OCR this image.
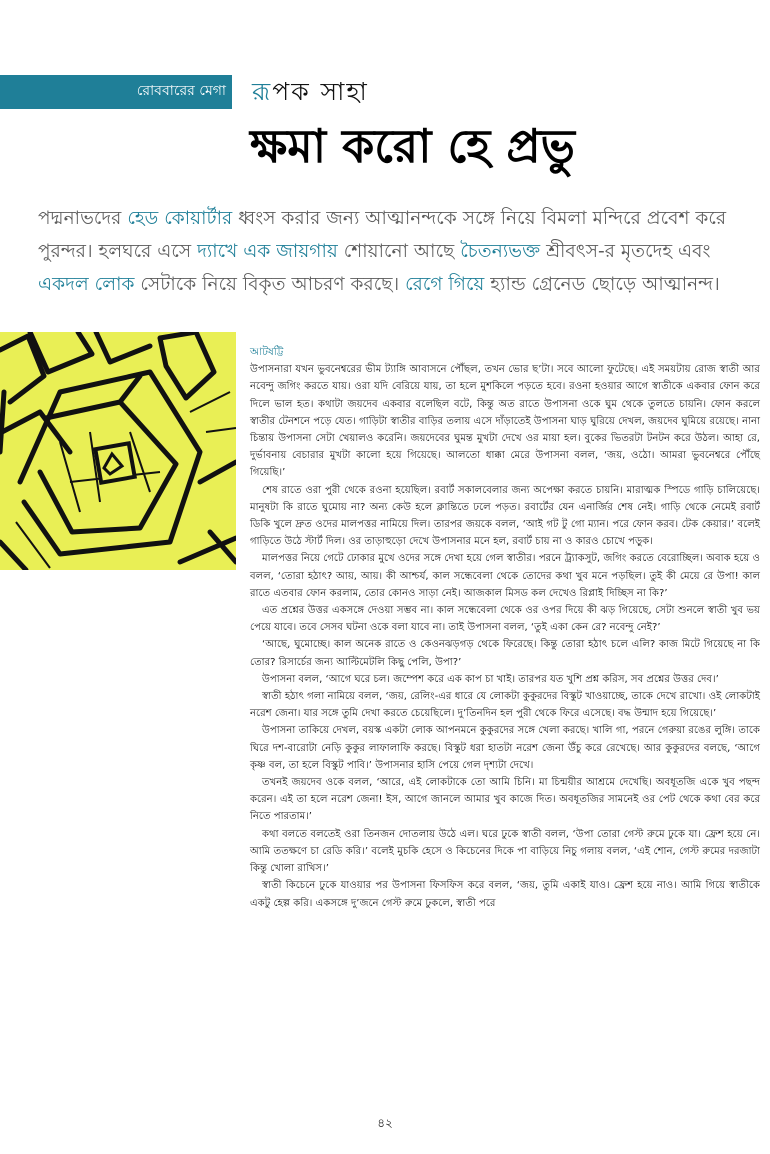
রোববারের মেগা রূপক সাহা
ক্ষমা করো হে প্রভু
পদ্মনাভদের হেড কোয়ার্টার ধ্বংস করার জন্য আত্মানন্দকে সঙ্গে নিয়ে বিমলা মন্দিরে প্রবেশ করে পুরন্দর। হলঘরে এসে দ্যাখে এক জায়গায় শোয়ানো আছে চৈতন্যভক্ত শ্রীবৎস-র মৃতদেহ এবং একদল লোক সেটাকে নিয়ে বিকৃত আচরণ করছে। রেগে গিয়ে হ্যান্ড গ্রেনেড ছোড়ে আত্মানন্দ।
আটষট্টি

উপাসনারা যখন ভুবনেশ্বরের ভীম ট্যাঙ্গি আবাসনে পৌঁছল, তখন ভোর ছ’টা। সবে আলো ফুটেছে। এই সময়টায় রোজ স্বাতী আর নবেন্দু জগিং করতে যায়। ওরা যদি বেরিয়ে যায়, তা হলে মুশকিলে পড়তে হবে। রওনা হওয়ার আগে স্বাতীকে একবার ফোন করে দিলে ভাল হত। কথাটা জয়দেব একবার বলেছিল বটে, কিন্তু অত রাতে উপাসনা ওকে ঘুম থেকে তুলতে চায়নি। ফোন করলে স্বাতীর টেনশনে পড়ে যেত। গাড়িটা স্বাতীর বাড়ির তলায় এসে দাঁড়াতেই উপাসনা ঘাড় ঘুরিয়ে দেখল, জয়দেব ঘুমিয়ে রয়েছে। নানা চিন্তায় উপাসনা সেটা খেয়ালও করেনি। জয়দেবের ঘুমন্ত মুখটা দেখে ওর মায়া হল। বুকের ভিতরটা টনটন করে উঠল। আহা রে, দুর্ভাবনায় বেচারার মুখটা কালো হয়ে গিয়েছে। আলতো ধাক্কা মেরে উপাসনা বলল, ‘জয়, ওঠো। আমরা ভুবনেশ্বরে পৌঁছে গিয়েছি।’

শেষ রাতে ওরা পুরী থেকে রওনা হয়েছিল। রবার্ট সকালবেলার জন্য অপেক্ষা করতে চায়নি। মারাত্মক স্পিডে গাড়ি চালিয়েছে। মানুষটা কি রাতে ঘুমোয় না? অন্য কেউ হলে ক্লান্তিতে ঢলে পড়ত। রবার্টের যেন এনার্জির শেষ নেই। গাড়ি থেকে নেমেই রবার্ট ডিকি খুলে দ্রুত ওদের মালপত্তর নামিয়ে দিল। তারপর জয়কে বলল, ‘আই গট টু গো ম্যান। পরে ফোন করব। টেক কেয়ার।’ বলেই গাড়িতে উঠে স্টার্ট দিল। ওর তাড়াহুড়ো দেখে উপাসনার মনে হল, রবার্ট চায় না ও কারও চোখে পড়ুক।

মালপত্তর নিয়ে গেটে ঢোকার মুখে ওদের সঙ্গে দেখা হয়ে গেল স্বাতীর। পরনে ট্র্যাকসুট, জগিং করতে বেরোচ্ছিল। অবাক হয়ে ও বলল, ‘তোরা হঠাৎ? আয়, আয়। কী আশ্চর্য, কাল সন্ধেবেলা থেকে তোদের কথা খুব মনে পড়ছিল। তুই কী মেয়ে রে উপা! কাল রাতে এতবার ফোন করলাম, তোর কোনও সাড়া নেই। আজকাল মিসড কল দেখেও রিপ্লাই দিচ্ছিস না কি?’

এত প্রশ্নের উত্তর একসঙ্গে দেওয়া সম্ভব না। কাল সন্ধেবেলা থেকে ওর ওপর দিয়ে কী ঝড় গিয়েছে, সেটা শুনলে স্বাতী খুব ভয় পেয়ে যাবে। তবে সেসব ঘটনা ওকে বলা যাবে না। তাই উপাসনা বলল, ‘তুই একা কেন রে? নবেন্দু নেই?’

‘আছে, ঘুমোচ্ছে। কাল অনেক রাতে ও কেওনঝড়গড় থেকে ফিরেছে। কিন্তু তোরা হঠাৎ চলে এলি? কাজ মিটে গিয়েছে না কি তোর? রিসার্চের জন্য আল্টিমেটলি কিছু পেলি, উপা?’

উপাসনা বলল, ‘আগে ঘরে চল। জম্পেশ করে এক কাপ চা খাই। তারপর যত খুশি প্রশ্ন করিস, সব প্রশ্নের উত্তর দেব।’

স্বাতী হঠাৎ গলা নামিয়ে বলল, ‘জয়, রেলিং-এর ধারে যে লোকটা কুকুরদের বিস্কুট খাওয়াচ্ছে, তাকে দেখে রাখো। ওই লোকটাই নরেশ জেনা। যার সঙ্গে তুমি দেখা করতে চেয়েছিলে। দু’তিনদিন হল পুরী থেকে ফিরে এসেছে। বদ্ধ উন্মাদ হয়ে গিয়েছে।’

উপাসনা তাকিয়ে দেখল, বয়স্ক একটা লোক আপনমনে কুকুরদের সঙ্গে খেলা করছে। খালি গা, পরনে গেরুয়া রঙের লুঙ্গি। তাকে ঘিরে দশ-বারোটা নেড়ি কুকুর লাফালাফি করছে। বিস্কুট ধরা হাতটা নরেশ জেনা উঁচু করে রেখেছে। আর কুকুরদের বলছে, ‘আগে কৃষ্ণ বল, তা হলে বিস্কুট পাবি।’ উপাসনার হাসি পেয়ে গেল দৃশ্যটা দেখে।

তখনই জয়দেব ওকে বলল, ‘আরে, এই লোকটাকে তো আমি চিনি। মা চিন্ময়ীর আশ্রমে দেখেছি। অবধূতজি একে খুব পছন্দ করেন। এই তা হলে নরেশ জেনা! ইস, আগে জানলে আমার খুব কাজে দিত। অবধূতজির সামনেই ওর পেট থেকে কথা বের করে নিতে পারতাম।’

কথা বলতে বলতেই ওরা তিনজন দোতলায় উঠে এল। ঘরে ঢুকে স্বাতী বলল, ‘উপা তোরা গেস্ট রুমে ঢুকে যা। ফ্রেশ হয়ে নে। আমি ততক্ষণে চা রেডি করি।’ বলেই মুচকি হেসে ও কিচেনের দিকে পা বাড়িয়ে নিচু গলায় বলল, ‘এই শোন, গেস্ট রুমের দরজাটা কিন্তু খোলা রাখিস।’

স্বাতী কিচেনে ঢুকে যাওয়ার পর উপাসনা ফিসফিস করে বলল, ‘জয়, তুমি একাই যাও। ফ্রেশ হয়ে নাও। আমি গিয়ে স্বাতীকে একটু হেল্প করি। একসঙ্গে দু’জনে গেস্ট রুমে ঢুকলে, স্বাতী পরে

৪২
